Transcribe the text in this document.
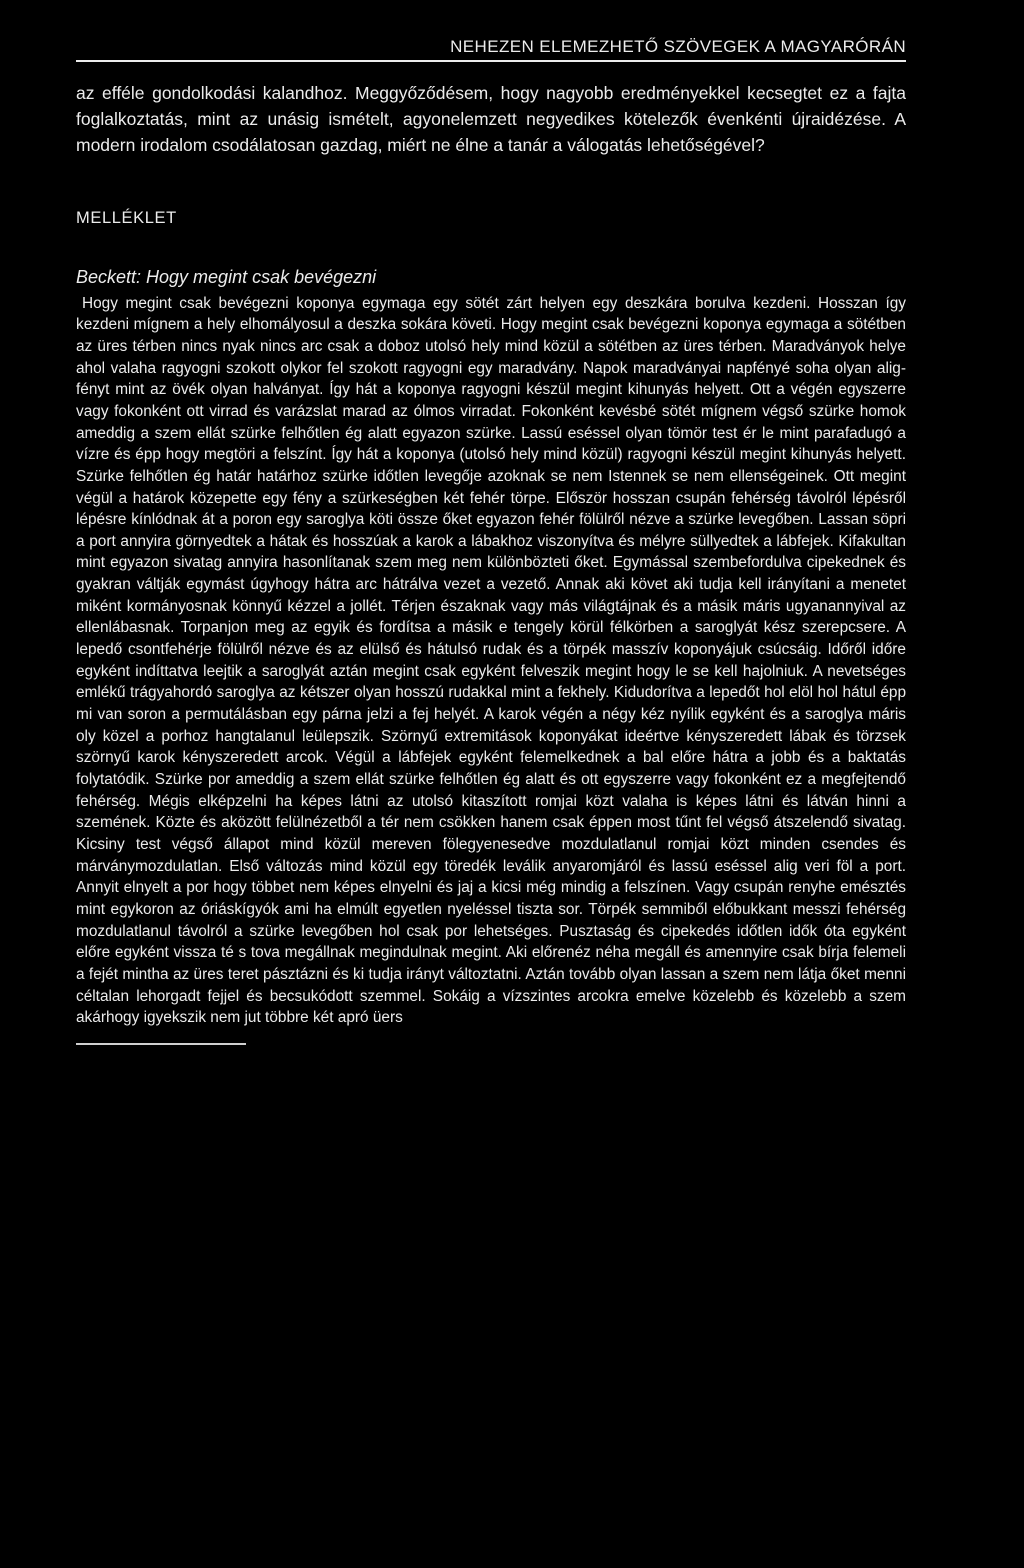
NEHEZEN ELEMEZHETŐ SZÖVEGEK A MAGYARÓRÁN
az efféle gondolkodási kalandhoz. Meggyőződésem, hogy nagyobb eredményekkel kecsegtet ez a fajta foglalkoztatás, mint az unásig ismételt, agyonelemzett negyedikes kötelezők évenkénti újraidézése. A modern irodalom csodálatosan gazdag, miért ne élne a tanár a válogatás lehetőségével?
MELLÉKLET
Beckett: Hogy megint csak bevégezni
Hogy megint csak bevégezni koponya egymaga egy sötét zárt helyen egy deszkára borulva kezdeni. Hosszan így kezdeni mígnem a hely elhomályosul a deszka sokára követi. Hogy megint csak bevégezni koponya egymaga a sötétben az üres térben nincs nyak nincs arc csak a doboz utolsó hely mind közül a sötétben az üres térben. Maradványok helye ahol valaha ragyogni szokott olykor fel szokott ragyogni egy maradvány. Napok maradványai napfényé soha olyan alig-fényt mint az övék olyan halványat. Így hát a koponya ragyogni készül megint kihunyás helyett. Ott a végén egyszerre vagy fokonként ott virrad és varázslat marad az ólmos virradat. Fokonként kevésbé sötét mígnem végső szürke homok ameddig a szem ellát szürke felhőtlen ég alatt egyazon szürke. Lassú eséssel olyan tömör test ér le mint parafadugó a vízre és épp hogy megtöri a felszínt. Így hát a koponya (utolsó hely mind közül) ragyogni készül megint kihunyás helyett. Szürke felhőtlen ég határ határhoz szürke időtlen levegője azoknak se nem Istennek se nem ellenségeinek. Ott megint végül a határok közepette egy fény a szürkeségben két fehér törpe. Először hosszan csupán fehérség távolról lépésről lépésre kínlódnak át a poron egy saroglya köti össze őket egyazon fehér fölülről nézve a szürke levegőben. Lassan söpri a port annyira görnyedtek a hátak és hosszúak a karok a lábakhoz viszonyítva és mélyre süllyedtek a lábfejek. Kifakultan mint egyazon sivatag annyira hasonlítanak szem meg nem különbözteti őket. Egymással szembefordulva cipekednek és gyakran váltják egymást úgyhogy hátra arc hátrálva vezet a vezető. Annak aki követ aki tudja kell irányítani a menetet miként kormányosnak könnyű kézzel a jollét. Térjen északnak vagy más világtájnak és a másik máris ugyanannyival az ellenlábasnak. Torpanjon meg az egyik és fordítsa a másik e tengely körül félkörben a saroglyát kész szerepcsere. A lepedő csontfehérje fölülről nézve és az elülső és hátulsó rudak és a törpék masszív koponyájuk csúcsáig. Időről időre egyként indíttatva leejtik a saroglyát aztán megint csak egyként felveszik megint hogy le se kell hajolniuk. A nevetséges emlékű trágyahordó saroglya az kétszer olyan hosszú rudakkal mint a fekhely. Kidudorítva a lepedőt hol elöl hol hátul épp mi van soron a permutálásban egy párna jelzi a fej helyét. A karok végén a négy kéz nyílik egyként és a saroglya máris oly közel a porhoz hangtalanul leülepszik. Szörnyű extremitások koponyákat ideértve kényszeredett lábak és törzsek szörnyű karok kényszeredett arcok. Végül a lábfejek egyként felemelkednek a bal előre hátra a jobb és a baktatás folytatódik. Szürke por ameddig a szem ellát szürke felhőtlen ég alatt és ott egyszerre vagy fokonként ez a megfejtendő fehérség. Mégis elképzelni ha képes látni az utolsó kitaszított romjai közt valaha is képes látni és látván hinni a szemének. Közte és aközött felülnézetből a tér nem csökken hanem csak éppen most tűnt fel végső átszelendő sivatag. Kicsiny test végső állapot mind közül mereven fölegyenesedve mozdulatlanul romjai közt minden csendes és márványmozdulatlan. Első változás mind közül egy töredék leválik anyaromjáról és lassú eséssel alig veri föl a port. Annyit elnyelt a por hogy többet nem képes elnyelni és jaj a kicsi még mindig a felszínen. Vagy csupán renyhe emésztés mint egykoron az óriáskígyók ami ha elmúlt egyetlen nyeléssel tiszta sor. Törpék semmiből előbukkant messzi fehérség mozdulatlanul távolról a szürke levegőben hol csak por lehetséges. Pusztaság és cipekedés időtlen idők óta egyként előre egyként vissza té s tova megállnak megindulnak megint. Aki előrenéz néha megáll és amennyire csak bírja felemeli a fejét mintha az üres teret pásztázni és ki tudja irányt változtatni. Aztán tovább olyan lassan a szem nem látja őket menni céltalan lehorgadt fejjel és becsukódott szemmel. Sokáig a vízszintes arcokra emelve közelebb és közelebb a szem akárhogy igyekszik nem jut többre két apró üers
